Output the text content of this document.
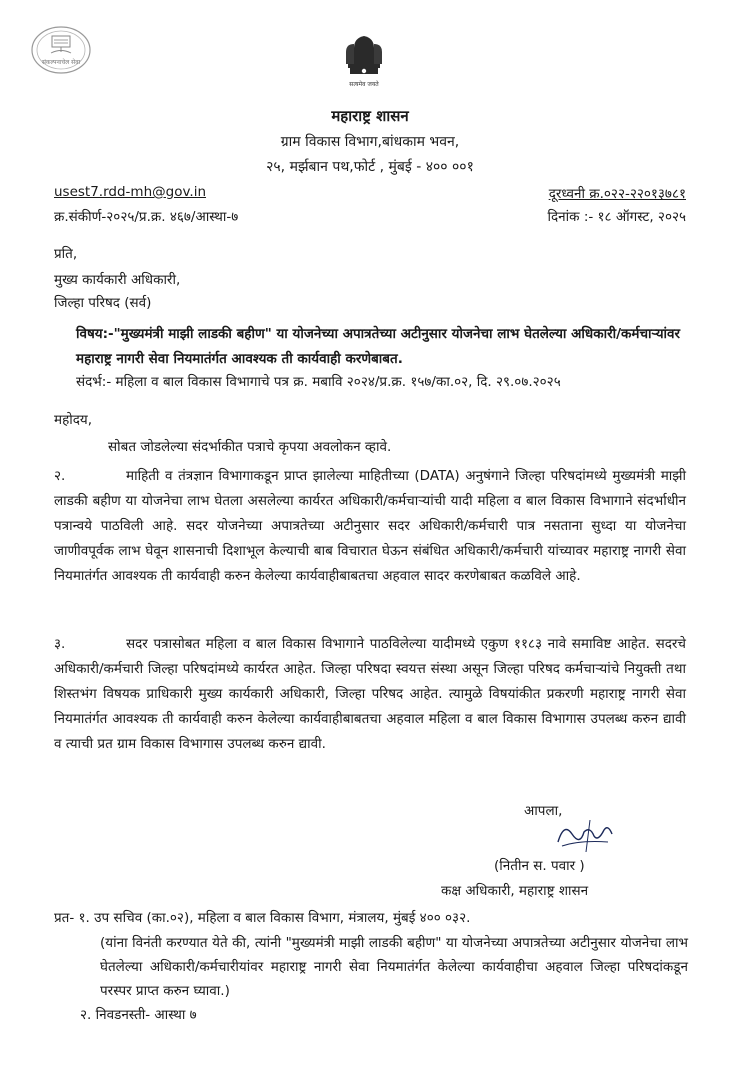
संकल्पनाचेल सेवा
सत्यमेव जयते
महाराष्ट्र शासन
ग्राम विकास विभाग,बांधकाम भवन,
२५, मर्झबान पथ,फोर्ट , मुंबई - ४०० ००१
usest7.rdd-mh@gov.in	दूरध्वनी क्र.०२२-२२०१३७८१
क्र.संकीर्ण-२०२५/प्र.क्र. ४६७/आस्था-७	दिनांक :- १८ ऑगस्ट, २०२५
प्रति,
मुख्य कार्यकारी अधिकारी,
जिल्हा परिषद (सर्व)
विषय:-"मुख्यमंत्री माझी लाडकी बहीण" या योजनेच्या अपात्रतेच्या अटीनुसार योजनेचा लाभ घेतलेल्या अधिकारी/कर्मचाऱ्यांवर महाराष्ट्र नागरी सेवा नियमातंर्गत आवश्यक ती कार्यवाही करणेबाबत.
संदर्भ:- महिला व बाल विकास विभागाचे पत्र क्र. मबावि २०२४/प्र.क्र. १५७/का.०२, दि. २९.०७.२०२५
महोदय,
सोबत जोडलेल्या संदर्भाकीत पत्राचे कृपया अवलोकन व्हावे.
२.	माहिती व तंत्रज्ञान विभागाकडून प्राप्त झालेल्या माहितीच्या (DATA) अनुषंगाने जिल्हा परिषदांमध्ये मुख्यमंत्री माझी लाडकी बहीण या योजनेचा लाभ घेतला असलेल्या कार्यरत अधिकारी/कर्मचाऱ्यांची यादी महिला व बाल विकास विभागाने संदर्भाधीन पत्रान्वये पाठविली आहे. सदर योजनेच्या अपात्रतेच्या अटीनुसार सदर अधिकारी/कर्मचारी पात्र नसताना सुध्दा या योजनेचा जाणीवपूर्वक लाभ घेवून शासनाची दिशाभूल केल्याची बाब विचारात घेऊन संबंधित अधिकारी/कर्मचारी यांच्यावर महाराष्ट्र नागरी सेवा नियमातंर्गत आवश्यक ती कार्यवाही करुन केलेल्या कार्यवाहीबाबतचा अहवाल सादर करणेबाबत कळविले आहे.
३.	सदर पत्रासोबत महिला व बाल विकास विभागाने पाठविलेल्या यादीमध्ये एकुण ११८३ नावे समाविष्ट आहेत. सदरचे अधिकारी/कर्मचारी जिल्हा परिषदांमध्ये कार्यरत आहेत. जिल्हा परिषदा स्वयत्त संस्था असून जिल्हा परिषद कर्मचाऱ्यांचे नियुक्ती तथा शिस्तभंग विषयक प्राधिकारी मुख्य कार्यकारी अधिकारी, जिल्हा परिषद आहेत. त्यामुळे विषयांकीत प्रकरणी महाराष्ट्र नागरी सेवा नियमातंर्गत आवश्यक ती कार्यवाही करुन केलेल्या कार्यवाहीबाबतचा अहवाल महिला व बाल विकास विभागास उपलब्ध करुन द्यावी व त्याची प्रत ग्राम विकास विभागास उपलब्ध करुन द्यावी.
आपला,
(नितीन स. पवार )
कक्ष अधिकारी, महाराष्ट्र शासन
प्रत- १. उप सचिव (का.०२), महिला व बाल विकास विभाग, मंत्रालय, मुंबई ४०० ०३२.
(यांना विनंती करण्यात येते की, त्यांनी "मुख्यमंत्री माझी लाडकी बहीण" या योजनेच्या अपात्रतेच्या अटीनुसार योजनेचा लाभ घेतलेल्या अधिकारी/कर्मचारीयांवर महाराष्ट्र नागरी सेवा नियमातंर्गत केलेल्या कार्यवाहीचा अहवाल जिल्हा परिषदांकडून परस्पर प्राप्त करुन घ्यावा.)
२. निवडनस्ती- आस्था ७
